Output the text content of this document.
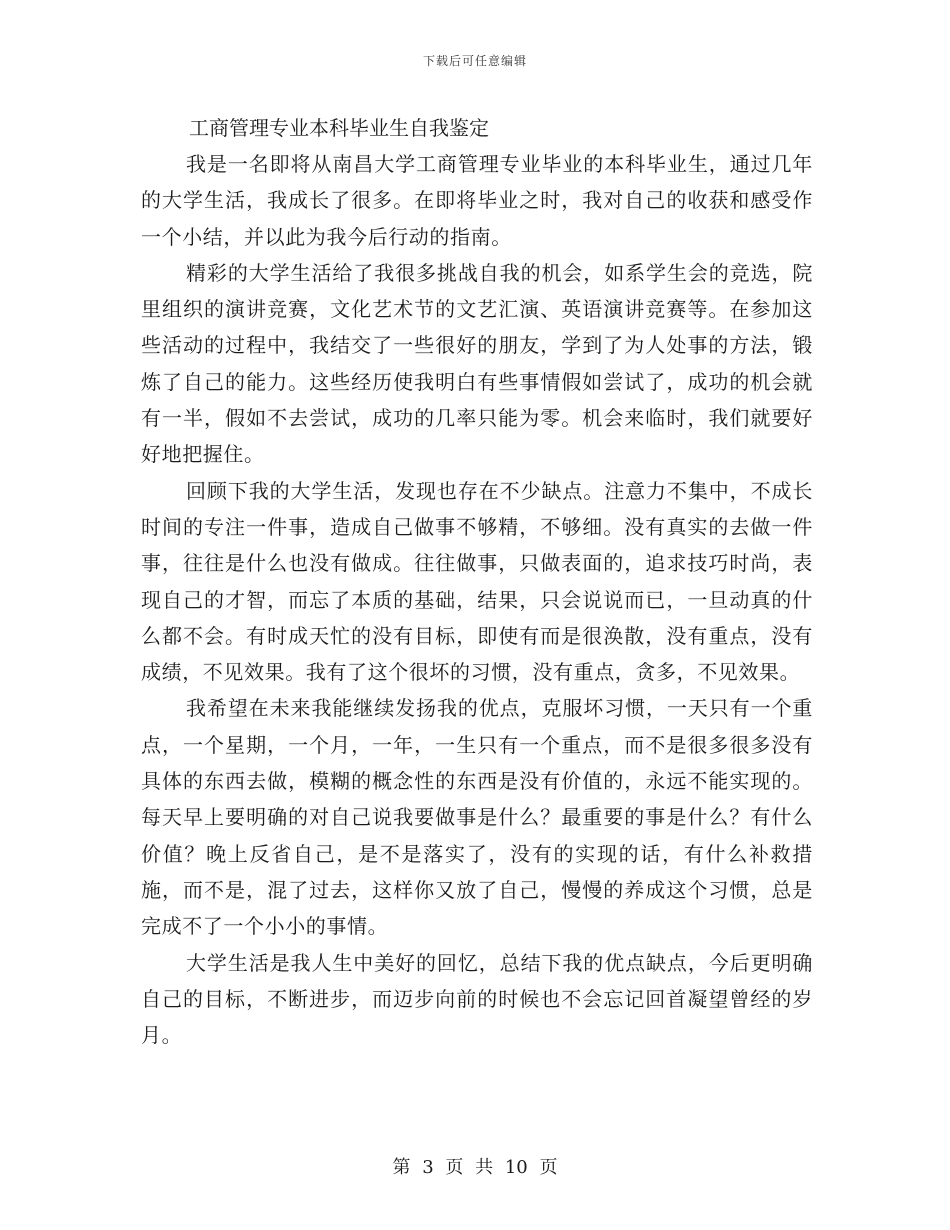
下载后可任意编辑

工商管理专业本科毕业生自我鉴定

我是一名即将从南昌大学工商管理专业毕业的本科毕业生，通过几年的大学生活，我成长了很多。在即将毕业之时，我对自己的收获和感受作一个小结，并以此为我今后行动的指南。

精彩的大学生活给了我很多挑战自我的机会，如系学生会的竞选，院里组织的演讲竞赛，文化艺术节的文艺汇演、英语演讲竞赛等。在参加这些活动的过程中，我结交了一些很好的朋友，学到了为人处事的方法，锻炼了自己的能力。这些经历使我明白有些事情假如尝试了，成功的机会就有一半，假如不去尝试，成功的几率只能为零。机会来临时，我们就要好好地把握住。

回顾下我的大学生活，发现也存在不少缺点。注意力不集中，不成长时间的专注一件事，造成自己做事不够精，不够细。没有真实的去做一件事，往往是什么也没有做成。往往做事，只做表面的，追求技巧时尚，表现自己的才智，而忘了本质的基础，结果，只会说说而已，一旦动真的什么都不会。有时成天忙的没有目标，即使有而是很涣散，没有重点，没有成绩，不见效果。我有了这个很坏的习惯，没有重点，贪多，不见效果。

我希望在未来我能继续发扬我的优点，克服坏习惯，一天只有一个重点，一个星期，一个月，一年，一生只有一个重点，而不是很多很多没有具体的东西去做，模糊的概念性的东西是没有价值的，永远不能实现的。每天早上要明确的对自己说我要做事是什么？最重要的事是什么？有什么价值？晚上反省自己，是不是落实了，没有的实现的话，有什么补救措施，而不是，混了过去，这样你又放了自己，慢慢的养成这个习惯，总是完成不了一个小小的事情。

大学生活是我人生中美好的回忆，总结下我的优点缺点，今后更明确自己的目标，不断进步，而迈步向前的时候也不会忘记回首凝望曾经的岁月。

第 3 页 共 10 页
